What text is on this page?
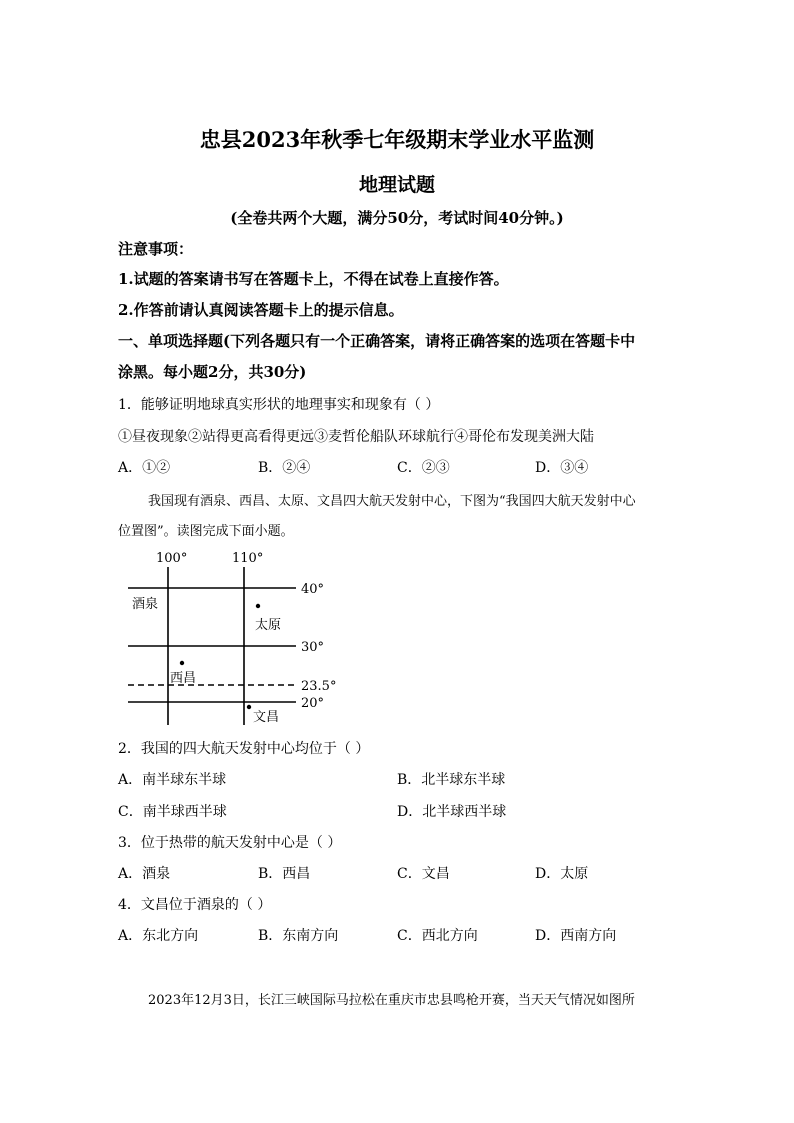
忠县2023年秋季七年级期末学业水平监测
地理试题
(全卷共两个大题，满分50分，考试时间40分钟。)
注意事项：
1.试题的答案请书写在答题卡上，不得在试卷上直接作答。
2.作答前请认真阅读答题卡上的提示信息。
一、单项选择题(下列各题只有一个正确答案，请将正确答案的选项在答题卡中
涂黑。每小题2分，共30分)
1．能够证明地球真实形状的地理事实和现象有（ ）
①昼夜现象②站得更高看得更远③麦哲伦船队环球航行④哥伦布发现美洲大陆
A．①②	B．②④	C．②③	D．③④
我国现有酒泉、西昌、太原、文昌四大航天发射中心，下图为“我国四大航天发射中心
位置图”。读图完成下面小题。
100°	110°
40°
30°
23.5°
20°
酒泉
太原
西昌
文昌
2．我国的四大航天发射中心均位于（ ）
A．南半球东半球	B．北半球东半球
C．南半球西半球	D．北半球西半球
3．位于热带的航天发射中心是（ ）
A．酒泉	B．西昌	C．文昌	D．太原
4．文昌位于酒泉的（ ）
A．东北方向	B．东南方向	C．西北方向	D．西南方向
2023年12月3日，长江三峡国际马拉松在重庆市忠县鸣枪开赛，当天天气情况如图所
